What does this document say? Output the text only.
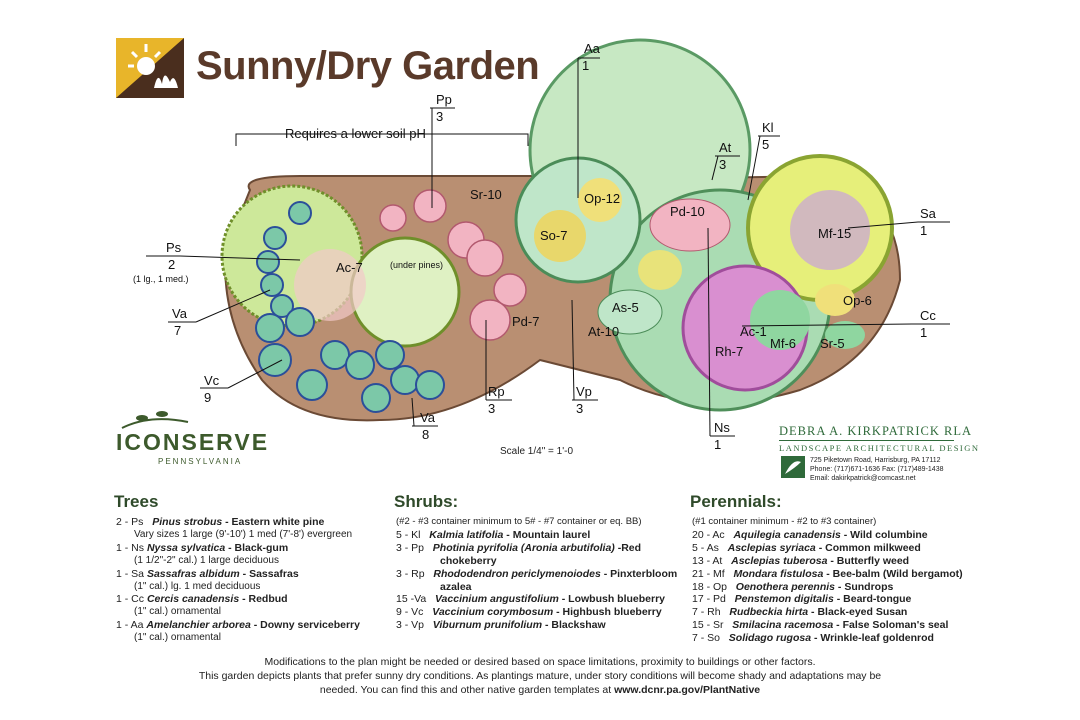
Sunny/Dry Garden
Requires a lower soil pH
Aa
1
Pp
3
Kl
5
At
3
Ps
2
(1 lg., 1 med.)
Sa
1
Va
7
Cc
1
Vc
9	Rp
3
Vp
3
Va
8	Ns
1
Sr-10	Op-12
So-7
Pd-10
Mf-15
Ac-7
As-5
Pd-7
At-10
Op-6
Ac-1
Mf-6
Rh-7
Sr-5
(under pines)
Scale 1/4" = 1'-0
ICONSERVE
PENNSYLVANIA
DEBRA A. KIRKPATRICK RLA
LANDSCAPE ARCHITECTURAL DESIGN
725 Piketown Road, Harrisburg, PA 17112
Phone: (717)671-1636 Fax: (717)489-1438
Email: dakirkpatrick@comcast.net
Trees
2 - Ps Pinus strobus - Eastern white pine
Vary sizes 1 large (9'-10') 1 med (7'-8') evergreen
1 - Ns Nyssa sylvatica - Black-gum
(1 1/2"-2" cal.) 1 large deciduous
1 - Sa Sassafras albidum - Sassafras
(1" cal.) lg. 1 med deciduous
1 - Cc Cercis canadensis - Redbud
(1" cal.) ornamental
1 - Aa Amelanchier arborea - Downy serviceberry
(1" cal.) ornamental
Shrubs:
(#2 - #3 container minimum to 5# - #7 container or eq. BB)
5 - Kl Kalmia latifolia - Mountain laurel
3 - Pp Photinia pyrifolia (Aronia arbutifolia) -Red
chokeberry
3 - Rp Rhododendron periclymenoiodes - Pinxterbloom
azalea
15 -Va Vaccinium angustifolium - Lowbush blueberry
9 - Vc Vaccinium corymbosum - Highbush blueberry
3 - Vp Viburnum prunifolium - Blackshaw
Perennials:
(#1 container minimum - #2 to #3 container)
20 - Ac Aquilegia canadensis - Wild columbine
5 - As Asclepias syriaca - Common milkweed
13 - At Asclepias tuberosa - Butterfly weed
21 - Mf Mondara fistulosa - Bee-balm (Wild bergamot)
18 - Op Oenothera perennis - Sundrops
17 - Pd Penstemon digitalis - Beard-tongue
7 - Rh Rudbeckia hirta - Black-eyed Susan
15 - Sr Smilacina racemosa - False Soloman's seal
7 - So Solidago rugosa - Wrinkle-leaf goldenrod
Modifications to the plan might be needed or desired based on space limitations, proximity to buildings or other factors.
This garden depicts plants that prefer sunny dry conditions. As plantings mature, under story conditions will become shady and adaptations may be
needed. You can find this and other native garden templates at www.dcnr.pa.gov/PlantNative
